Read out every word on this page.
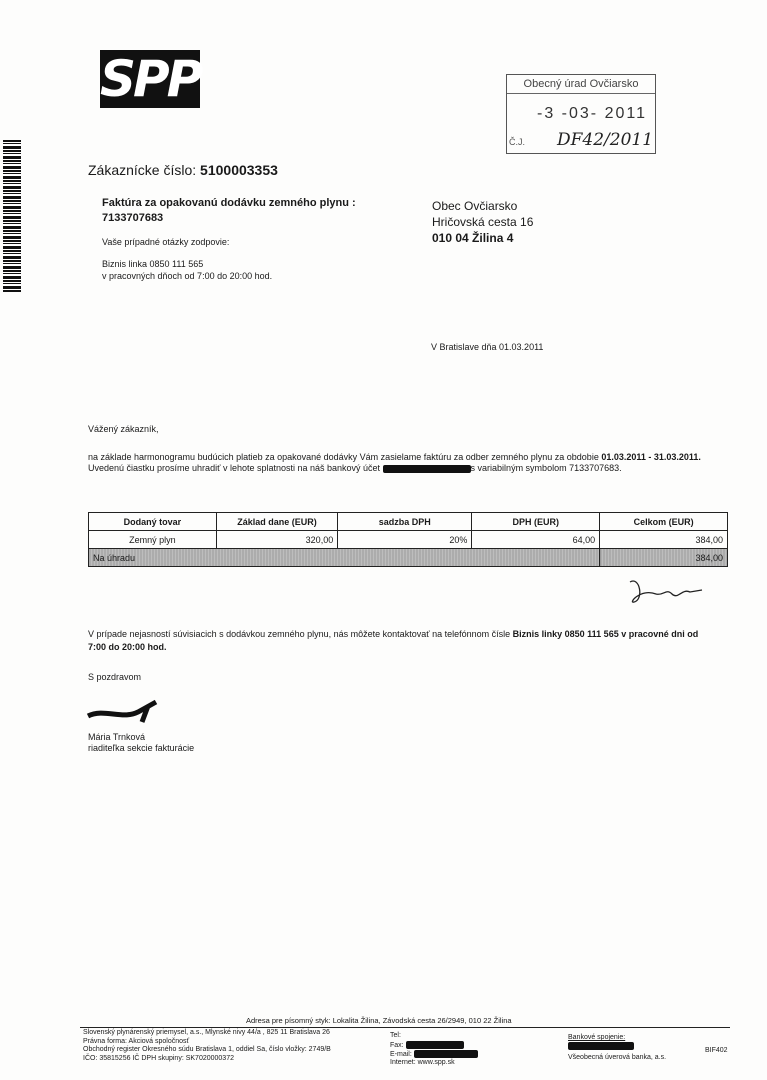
SPP	Obecný úrad Ovčiarsko
-3 -03- 2011
Č.J. DF42/2011
Zákaznícke číslo: 5100003353
Faktúra za opakovanú dodávku zemného plynu : 7133707683
Vaše prípadné otázky zodpovie:
Biznis linka 0850 111 565
v pracovných dňoch od 7:00 do 20:00 hod.
Obec Ovčiarsko
Hričovská cesta 16
010 04 Žilina 4
V Bratislave dňa 01.03.2011
Vážený zákazník,
na základe harmonogramu budúcich platieb za opakované dodávky Vám zasielame faktúru za odber zemného plynu za obdobie 01.03.2011 - 31.03.2011.
Uvedenú čiastku prosíme uhradiť v lehote splatnosti na náš bankový účet	s variabilným symbolom 7133707683.
Dodaný tovar	Základ dane (EUR)	sadzba DPH	DPH (EUR)	Celkom (EUR)
Zemný plyn	320,00	20%	64,00	384,00
Na úhradu				384,00
V prípade nejasností súvisiacich s dodávkou zemného plynu, nás môžete kontaktovať na telefónnom čísle Biznis linky 0850 111 565 v pracovné dni od 7:00 do 20:00 hod.
S pozdravom
Mária Trnková
riaditeľka sekcie fakturácie
Adresa pre písomný styk: Lokalita Žilina, Závodská cesta 26/2949, 010 22 Žilina
Slovenský plynárenský priemysel, a.s., Mlynské nivy 44/a , 825 11 Bratislava 26
Právna forma: Akciová spoločnosť
Obchodný register Okresného súdu Bratislava 1, oddiel Sa, číslo vložky: 2749/B
IČO: 35815256 IČ DPH skupiny: SK7020000372
Tel:
Fax:
E-mail:
Internet: www.spp.sk
Bankové spojenie:
Všeobecná úverová banka, a.s.
BIF402
